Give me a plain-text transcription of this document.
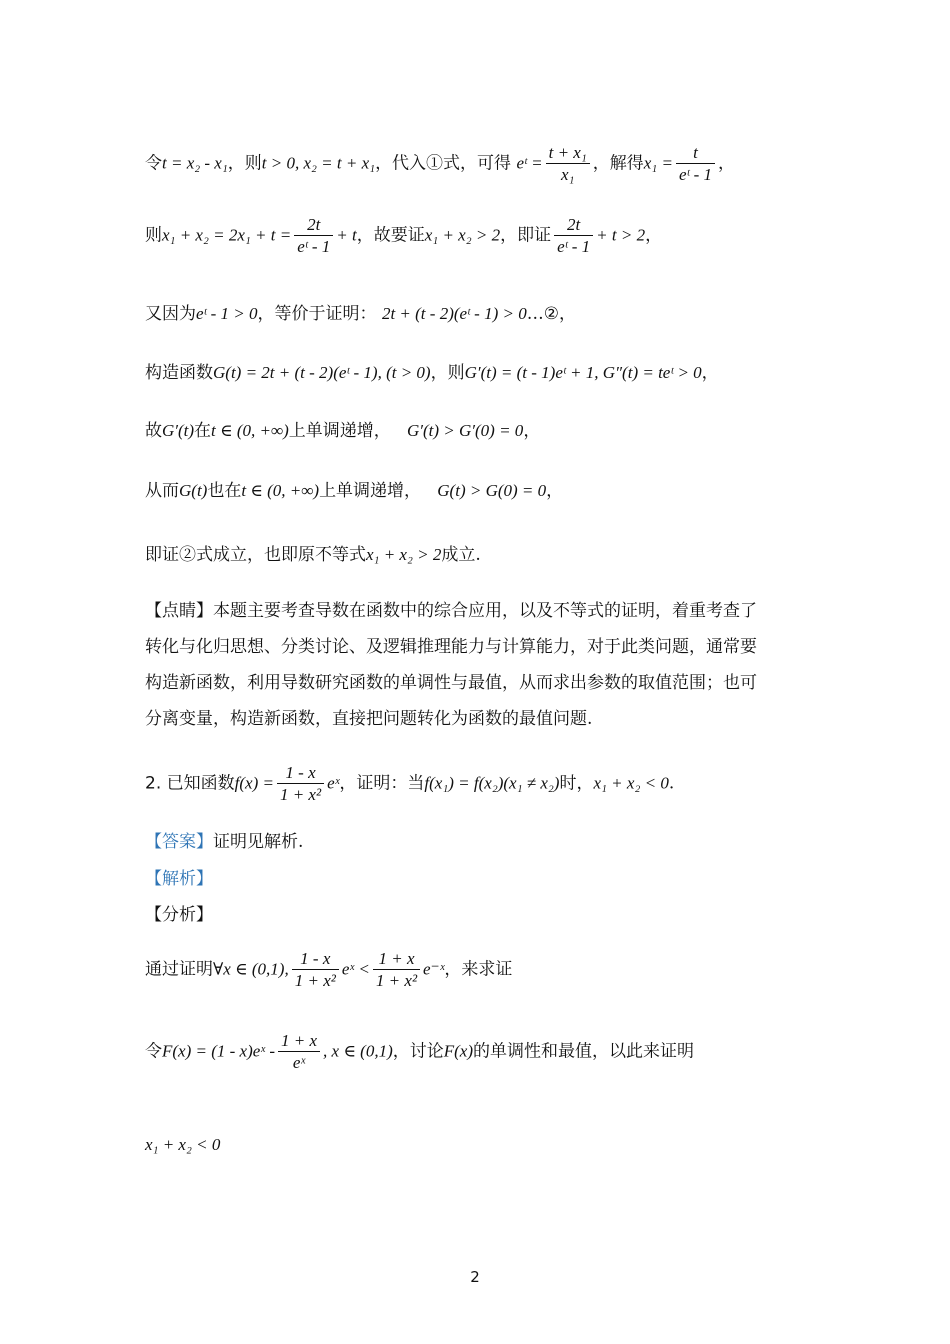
令t = x₂ - x₁，则t > 0, x₂ = t + x₁，代入①式，可得 eᵗ = $\frac{\text{t + x₁}}{\text{x₁}}$ ，解得$x_1 = \frac{t}{\text{eᵗ - 1}}$ ，
则$x_1 + x_2 = 2x_1 + t = \frac{2t}{\text{eᵗ - 1}} + t$，故要证x₁ + x₂ > 2，即证 $\frac{2t}{\text{eᵗ - 1}} + t > 2$，
又因为eᵗ - 1 > 0，等价于证明： 2t + (t - 2)(eᵗ - 1) > 0…②，
构造函数G(t) = 2t + (t - 2)(eᵗ - 1), (t > 0)，则G′(t) = (t - 1)eᵗ + 1, G″(t) = teᵗ > 0，
故G′(t)在t ∈ (0, +∞)上单调递增， G′(t) > G′(0) = 0，
从而G(t)也在t ∈ (0, +∞)上单调递增， G(t) > G(0) = 0，
即证②式成立，也即原不等式x₁ + x₂ > 2成立.
【点睛】本题主要考查导数在函数中的综合应用，以及不等式的证明，着重考查了
转化与化归思想、分类讨论、及逻辑推理能力与计算能力，对于此类问题，通常要
构造新函数，利用导数研究函数的单调性与最值，从而求出参数的取值范围；也可
分离变量，构造新函数，直接把问题转化为函数的最值问题.
2. 已知函数$f(x) = \frac{1 - x}{\text{1 + x²}}$ eˣ，证明：当f(x₁) = f(x₂)(x₁ ≠ x₂)时，x₁ + x₂ < 0.
【答案】证明见解析.
【解析】
【分析】
通过证明∀x ∈ (0,1), $\frac{1 - x}{\text{1 + x²}}$ eˣ < $\frac{1 + x}{\text{1 + x²}}$ e⁻ˣ，来求证
令F(x) = (1 - x)eˣ - $\frac{1 + x}{\text{eˣ}}$ , x ∈ (0,1)，讨论F(x)的单调性和最值，以此来证明
x₁ + x₂ < 0
2
